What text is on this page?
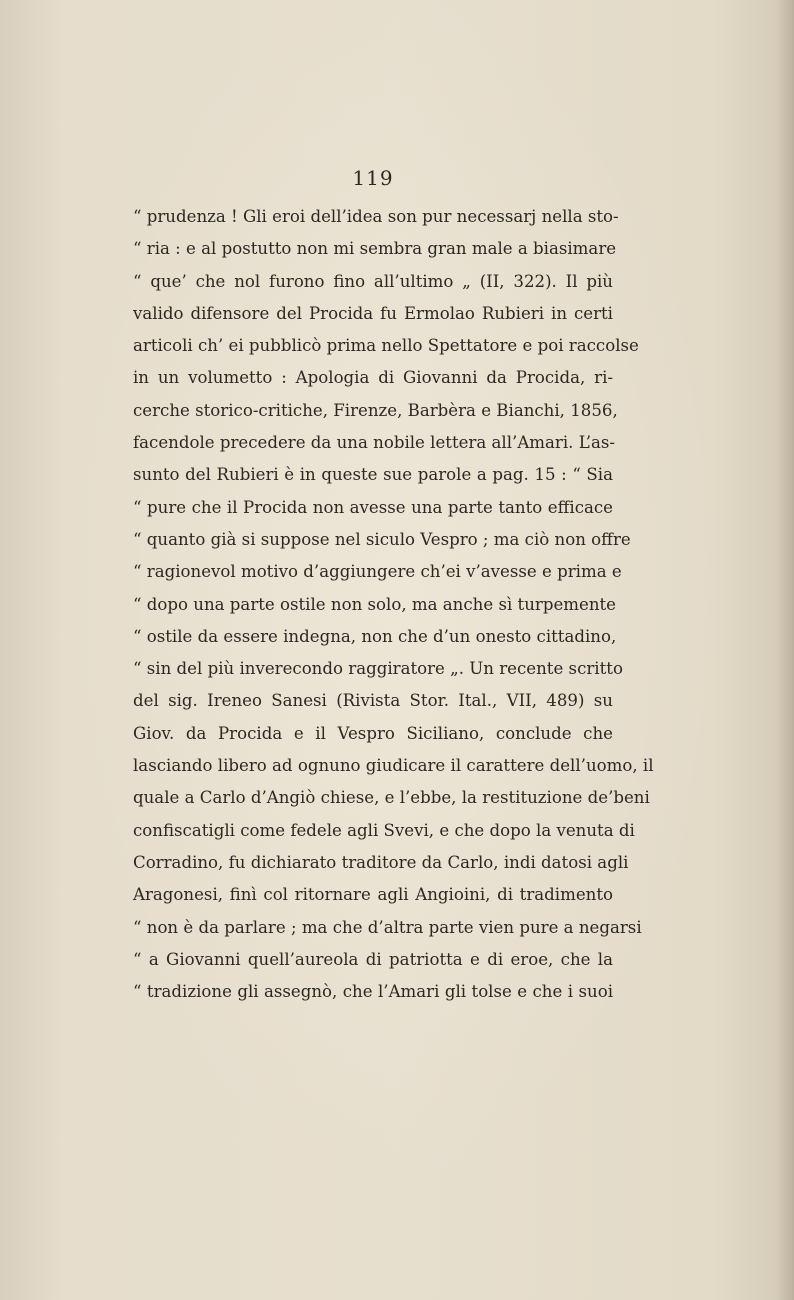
119
“ prudenza ! Gli eroi dell’idea son pur necessarj nella sto-
“ ria : e al postutto non mi sembra gran male a biasimare
“ que’ che nol furono fino all’ultimo „ (II, 322). Il più
valido difensore del Procida fu Ermolao Rubieri in certi
articoli ch’ ei pubblicò prima nello Spettatore e poi raccolse
in un volumetto : Apologia di Giovanni da Procida, ri-
cerche storico-critiche, Firenze, Barbèra e Bianchi, 1856,
facendole precedere da una nobile lettera all’Amari. L’as-
sunto del Rubieri è in queste sue parole a pag. 15 : “ Sia
“ pure che il Procida non avesse una parte tanto efficace
“ quanto già si suppose nel siculo Vespro ; ma ciò non offre
“ ragionevol motivo d’aggiungere ch’ei v’avesse e prima e
“ dopo una parte ostile non solo, ma anche sì turpemente
“ ostile da essere indegna, non che d’un onesto cittadino,
“ sin del più inverecondo raggiratore „. Un recente scritto
del sig. Ireneo Sanesi (Rivista Stor. Ital., VII, 489) su
Giov. da Procida e il Vespro Siciliano, conclude che
lasciando libero ad ognuno giudicare il carattere dell’uomo, il
quale a Carlo d’Angiò chiese, e l’ebbe, la restituzione de’beni
confiscatigli come fedele agli Svevi, e che dopo la venuta di
Corradino, fu dichiarato traditore da Carlo, indi datosi agli
Aragonesi, finì col ritornare agli Angioini, di tradimento
“ non è da parlare ; ma che d’altra parte vien pure a negarsi
“ a Giovanni quell’aureola di patriotta e di eroe, che la
“ tradizione gli assegnò, che l’Amari gli tolse e che i suoi
